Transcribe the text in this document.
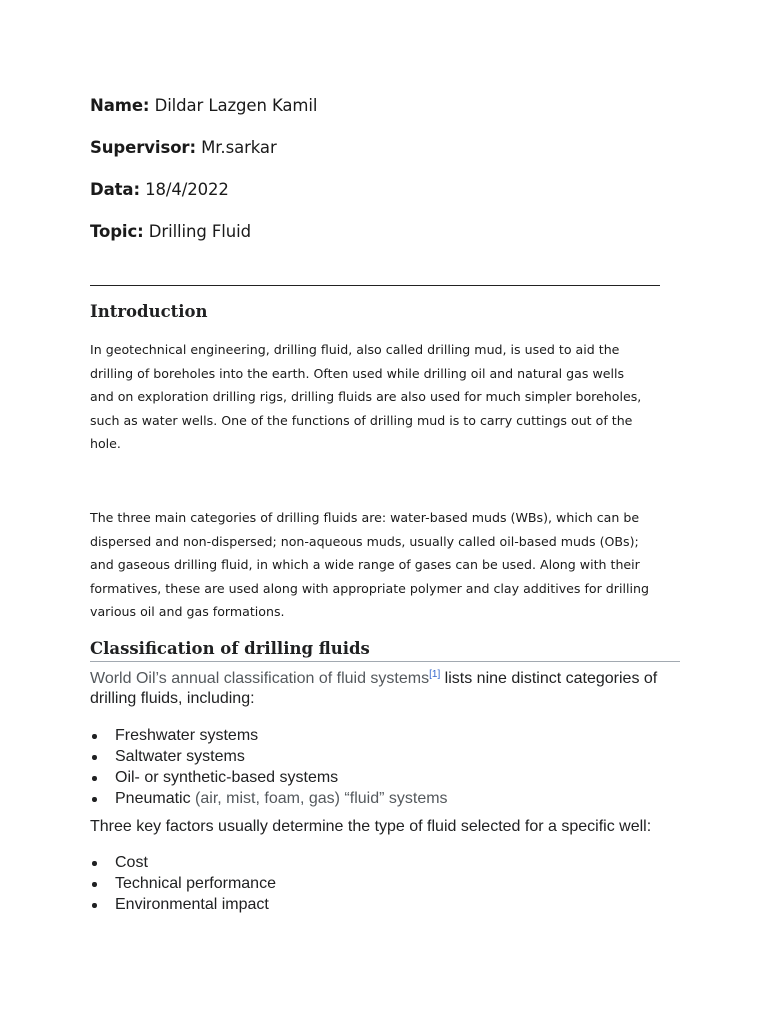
Name: Dildar Lazgen Kamil
Supervisor: Mr.sarkar
Data: 18/4/2022
Topic: Drilling Fluid
Introduction
In geotechnical engineering, drilling fluid, also called drilling mud, is used to aid the
drilling of boreholes into the earth. Often used while drilling oil and natural gas wells
and on exploration drilling rigs, drilling fluids are also used for much simpler boreholes,
such as water wells. One of the functions of drilling mud is to carry cuttings out of the
hole.
The three main categories of drilling fluids are: water-based muds (WBs), which can be
dispersed and non-dispersed; non-aqueous muds, usually called oil-based muds (OBs);
and gaseous drilling fluid, in which a wide range of gases can be used. Along with their
formatives, these are used along with appropriate polymer and clay additives for drilling
various oil and gas formations.
Classification of drilling fluids
World Oil’s annual classification of fluid systems[1] lists nine distinct categories of
drilling fluids, including:
Freshwater systems
Saltwater systems
Oil- or synthetic-based systems
Pneumatic (air, mist, foam, gas) “fluid” systems
Three key factors usually determine the type of fluid selected for a specific well:
Cost
Technical performance
Environmental impact
